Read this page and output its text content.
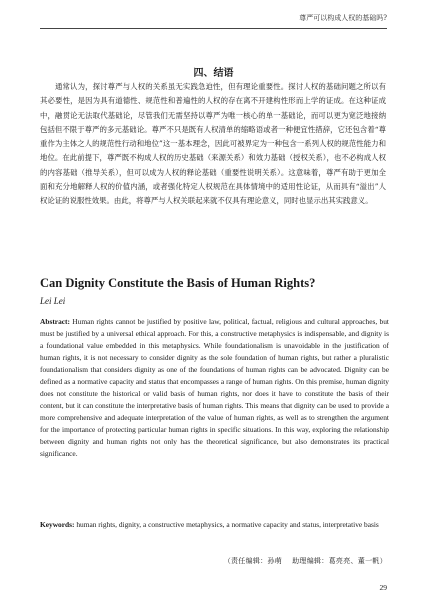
尊严可以构成人权的基础吗?
四、结语

通常认为，探讨尊严与人权的关系虽无实践急迫性，但有理论重要性。探讨人权的基础问题之所以有其必要性，是因为具有道德性、规范性和普遍性的人权的存在离不开建构性形而上学的证成。在这种证成中，融贯论无法取代基础论，尽管我们无需坚持以尊严为唯一核心的单一基础论，而可以更为宽泛地接纳包括但不限于尊严的多元基础论。尊严不只是既有人权清单的缩略语或者一种便宜性措辞，它还包含着“尊重作为主体之人的规范性行动和地位”这一基本理念，因此可被界定为一种包含一系列人权的规范性能力和地位。在此前提下，尊严既不构成人权的历史基础（来源关系）和效力基础（授权关系），也不必构成人权的内容基础（推导关系），但可以成为人权的释论基础（重要性说明关系）。这意味着，尊严有助于更加全面和充分地解释人权的价值内涵，或者强化特定人权规范在具体情境中的适用性论证，从而具有“溢出”人权论证的说服性效果。由此，将尊严与人权关联起来就不仅具有理论意义，同时也显示出其实践意义。

Can Dignity Constitute the Basis of Human Rights?
Lei Lei

Abstract: Human rights cannot be justified by positive law, political, factual, religious and cultural approaches, but must be justified by a universal ethical approach. For this, a constructive metaphysics is indispensable, and dignity is a foundational value embedded in this metaphysics. While foundationalism is unavoidable in the justification of human rights, it is not necessary to consider dignity as the sole foundation of human rights, but rather a pluralistic foundationalism that considers dignity as one of the foundations of human rights can be advocated. Dignity can be defined as a normative capacity and status that encompasses a range of human rights. On this premise, human dignity does not constitute the historical or valid basis of human rights, nor does it have to constitute the basis of their content, but it can constitute the interpretative basis of human rights. This means that dignity can be used to provide a more comprehensive and adequate interpretation of the value of human rights, as well as to strengthen the argument for the importance of protecting particular human rights in specific situations. In this way, exploring the relationship between dignity and human rights not only has the theoretical significance, but also demonstrates its practical significance.

Keywords: human rights, dignity, a constructive metaphysics, a normative capacity and status, interpretative basis

（责任编辑：孙萌 助理编辑：葛亮亮、董一帆）
29
